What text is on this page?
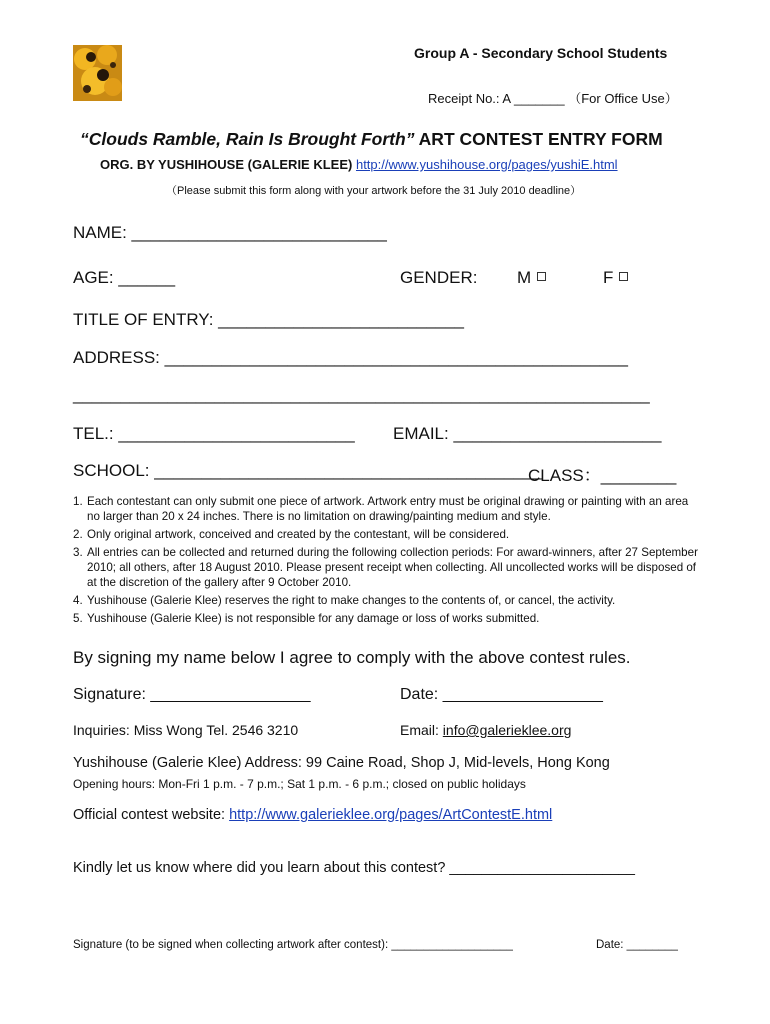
Group A - Secondary School Students
Receipt No.: A _______ （For Office Use）
“Clouds Ramble, Rain Is Brought Forth” ART CONTEST ENTRY FORM
ORG. BY YUSHIHOUSE (GALERIE KLEE) http://www.yushihouse.org/pages/yushiE.html
（Please submit this form along with your artwork before the 31 July 2010 deadline）
NAME: ___________________________
AGE: ______	GENDER: M	F
TITLE OF ENTRY: __________________________
ADDRESS: _________________________________________________
_____________________________________________________________
TEL.: _________________________ EMAIL: ______________________
SCHOOL: _________________________________________
CLASS：________
1. Each contestant can only submit one piece of artwork. Artwork entry must be original drawing or painting with an area no larger than 20 x 24 inches. There is no limitation on drawing/painting medium and style.
2. Only original artwork, conceived and created by the contestant, will be considered.
3. All entries can be collected and returned during the following collection periods: For award-winners, after 27 September 2010; all others, after 18 August 2010. Please present receipt when collecting. All uncollected works will be disposed of at the discretion of the gallery after 9 October 2010.
4. Yushihouse (Galerie Klee) reserves the right to make changes to the contents of, or cancel, the activity.
5. Yushihouse (Galerie Klee) is not responsible for any damage or loss of works submitted.
By signing my name below I agree to comply with the above contest rules.
Signature: __________________	Date: __________________
Inquiries: Miss Wong Tel. 2546 3210	Email: info@galerieklee.org
Yushihouse (Galerie Klee) Address: 99 Caine Road, Shop J, Mid-levels, Hong Kong
Opening hours: Mon-Fri 1 p.m. - 7 p.m.; Sat 1 p.m. - 6 p.m.; closed on public holidays
Official contest website: http://www.galerieklee.org/pages/ArtContestE.html
Kindly let us know where did you learn about this contest? _______________________
Signature (to be signed when collecting artwork after contest): ___________________	Date: ________
